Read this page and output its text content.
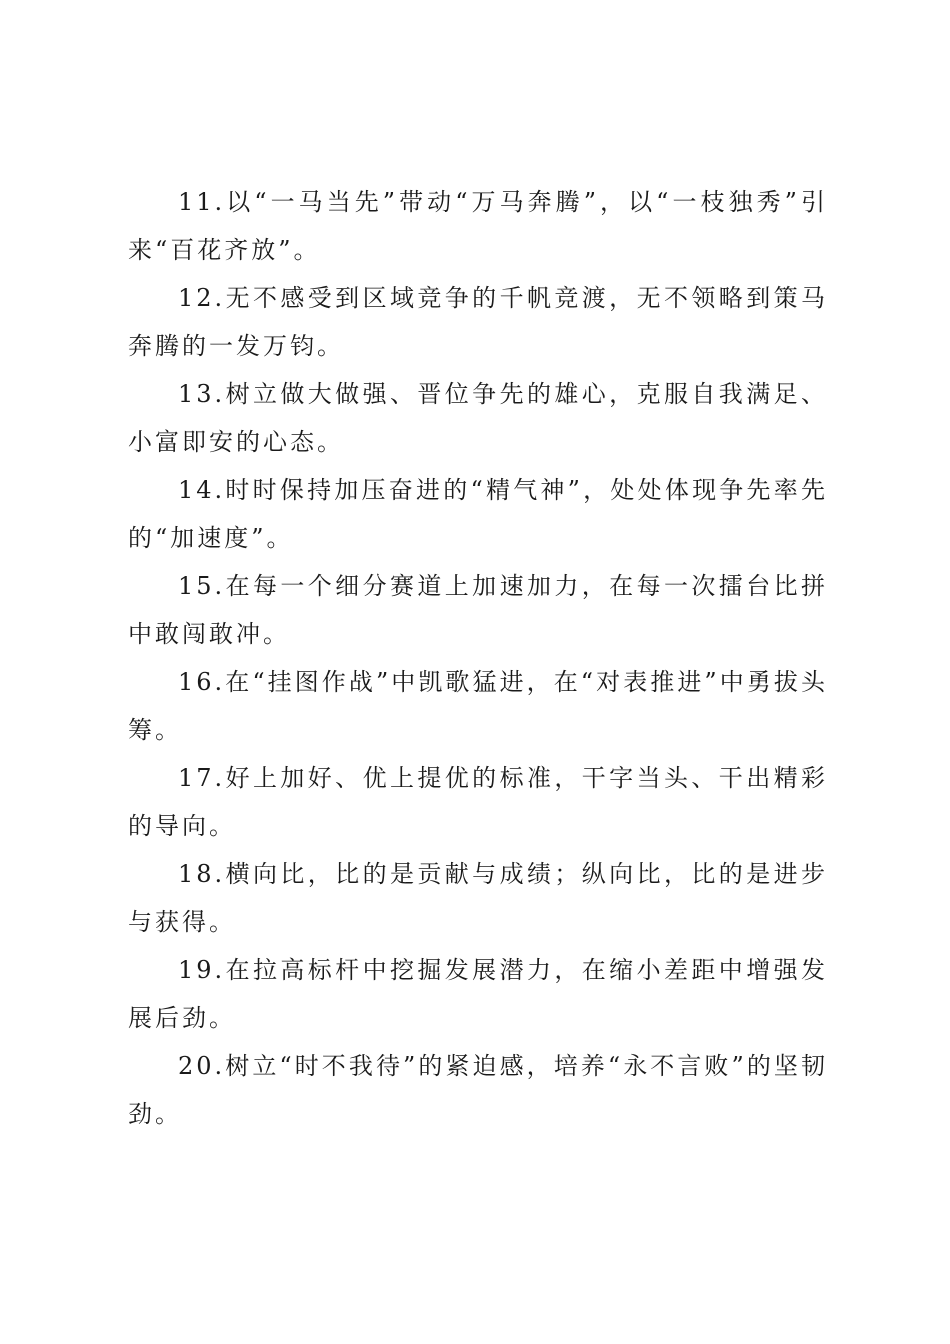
11.以“一马当先”带动“万马奔腾”，以“一枝独秀”引来“百花齐放”。

12.无不感受到区域竞争的千帆竞渡，无不领略到策马奔腾的一发万钧。

13.树立做大做强、晋位争先的雄心，克服自我满足、小富即安的心态。

14.时时保持加压奋进的“精气神”，处处体现争先率先的“加速度”。

15.在每一个细分赛道上加速加力，在每一次擂台比拼中敢闯敢冲。

16.在“挂图作战”中凯歌猛进，在“对表推进”中勇拔头筹。

17.好上加好、优上提优的标准，干字当头、干出精彩的导向。

18.横向比，比的是贡献与成绩；纵向比，比的是进步与获得。

19.在拉高标杆中挖掘发展潜力，在缩小差距中增强发展后劲。

20.树立“时不我待”的紧迫感，培养“永不言败”的坚韧劲。
